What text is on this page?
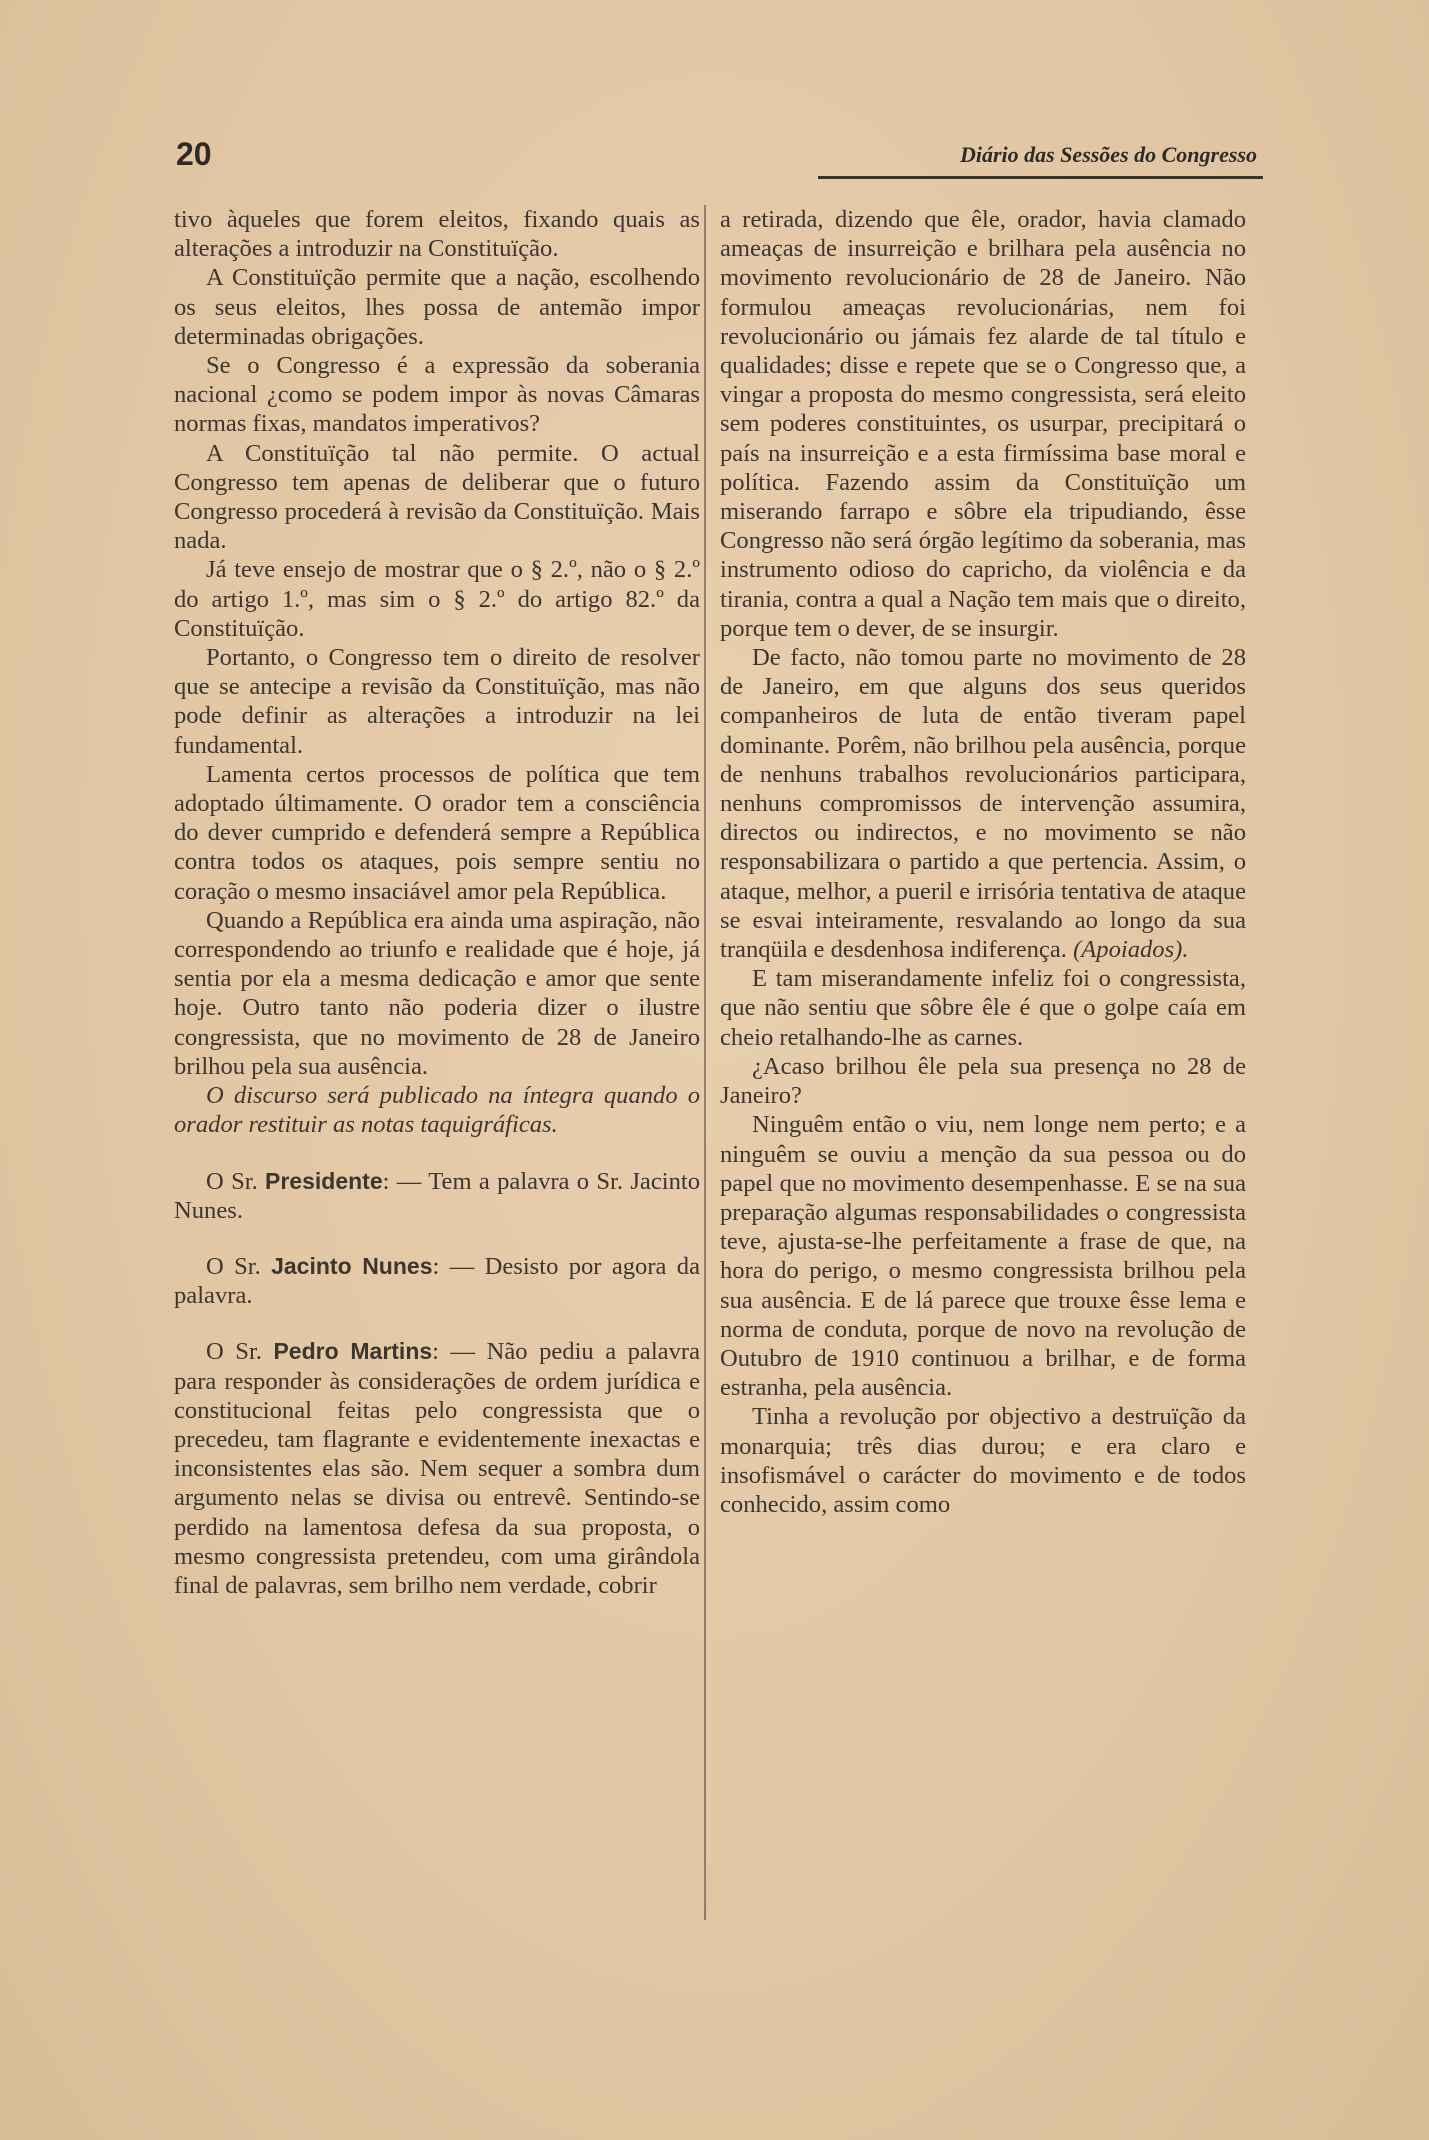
20	Diário das Sessões do Congresso

tivo àqueles que forem eleitos, fixando quais as alterações a introduzir na Constituïção.

A Constituïção permite que a nação, escolhendo os seus eleitos, lhes possa de antemão impor determinadas obrigações.

Se o Congresso é a expressão da soberania nacional ¿como se podem impor às novas Câmaras normas fixas, mandatos imperativos?

A Constituïção tal não permite. O actual Congresso tem apenas de deliberar que o futuro Congresso procederá à revisão da Constituïção. Mais nada.

Já teve ensejo de mostrar que o § 2.º, não o § 2.º do artigo 1.º, mas sim o § 2.º do artigo 82.º da Constituïção.

Portanto, o Congresso tem o direito de resolver que se antecipe a revisão da Constituïção, mas não pode definir as alterações a introduzir na lei fundamental.

Lamenta certos processos de política que tem adoptado últimamente. O orador tem a consciência do dever cumprido e defenderá sempre a República contra todos os ataques, pois sempre sentiu no coração o mesmo insaciável amor pela República.

Quando a República era ainda uma aspiração, não correspondendo ao triunfo e realidade que é hoje, já sentia por ela a mesma dedicação e amor que sente hoje. Outro tanto não poderia dizer o ilustre congressista, que no movimento de 28 de Janeiro brilhou pela sua ausência.

O discurso será publicado na íntegra quando o orador restituir as notas taquigráficas.

O Sr. Presidente: — Tem a palavra o Sr. Jacinto Nunes.

O Sr. Jacinto Nunes: — Desisto por agora da palavra.

O Sr. Pedro Martins: — Não pediu a palavra para responder às considerações de ordem jurídica e constitucional feitas pelo congressista que o precedeu, tam flagrante e evidentemente inexactas e inconsistentes elas são. Nem sequer a sombra dum argumento nelas se divisa ou entrevê. Sentindo-se perdido na lamentosa defesa da sua proposta, o mesmo congressista pretendeu, com uma girândola final de palavras, sem brilho nem verdade, cobrir

a retirada, dizendo que êle, orador, havia clamado ameaças de insurreição e brilhara pela ausência no movimento revolucionário de 28 de Janeiro. Não formulou ameaças revolucionárias, nem foi revolucionário ou jámais fez alarde de tal título e qualidades; disse e repete que se o Congresso que, a vingar a proposta do mesmo congressista, será eleito sem poderes constituintes, os usurpar, precipitará o país na insurreição e a esta firmíssima base moral e política. Fazendo assim da Constituïção um miserando farrapo e sôbre ela tripudiando, êsse Congresso não será órgão legítimo da soberania, mas instrumento odioso do capricho, da violência e da tirania, contra a qual a Nação tem mais que o direito, porque tem o dever, de se insurgir.

De facto, não tomou parte no movimento de 28 de Janeiro, em que alguns dos seus queridos companheiros de luta de então tiveram papel dominante. Porêm, não brilhou pela ausência, porque de nenhuns trabalhos revolucionários participara, nenhuns compromissos de intervenção assumira, directos ou indirectos, e no movimento se não responsabilizara o partido a que pertencia. Assim, o ataque, melhor, a pueril e irrisória tentativa de ataque se esvai inteiramente, resvalando ao longo da sua tranqüila e desdenhosa indiferença. (Apoiados).

E tam miserandamente infeliz foi o congressista, que não sentiu que sôbre êle é que o golpe caía em cheio retalhando-lhe as carnes.

¿Acaso brilhou êle pela sua presença no 28 de Janeiro?

Ninguêm então o viu, nem longe nem perto; e a ninguêm se ouviu a menção da sua pessoa ou do papel que no movimento desempenhasse. E se na sua preparação algumas responsabilidades o congressista teve, ajusta-se-lhe perfeitamente a frase de que, na hora do perigo, o mesmo congressista brilhou pela sua ausência. E de lá parece que trouxe êsse lema e norma de conduta, porque de novo na revolução de Outubro de 1910 continuou a brilhar, e de forma estranha, pela ausência.

Tinha a revolução por objectivo a destruïção da monarquia; três dias durou; e era claro e insofismável o carácter do movimento e de todos conhecido, assim como
